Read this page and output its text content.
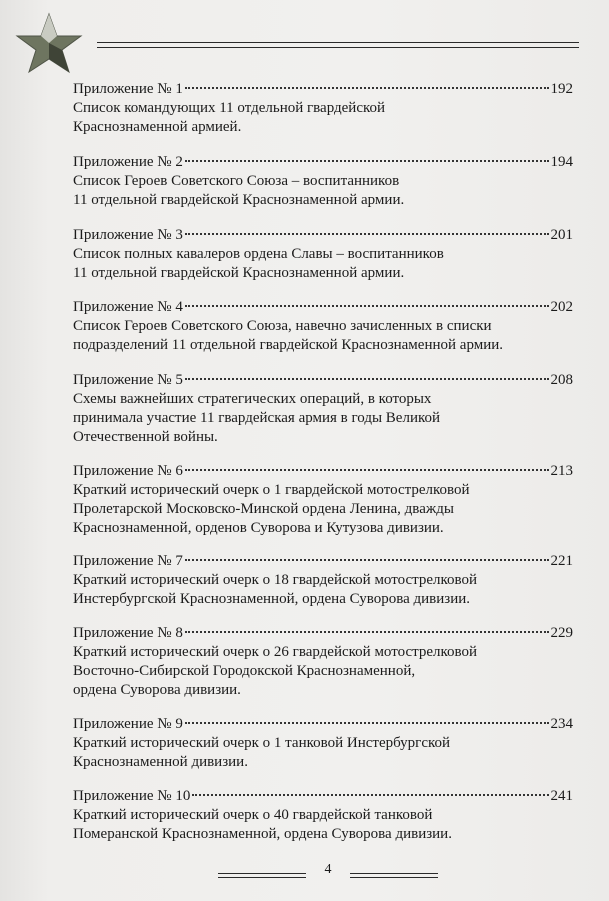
Приложение № 1	192

Список командующих 11 отдельной гвардейской
Краснознаменной армией.

Приложение № 2	194

Список Героев Советского Союза – воспитанников
11 отдельной гвардейской Краснознаменной армии.

Приложение № 3	201

Список полных кавалеров ордена Славы – воспитанников
11 отдельной гвардейской Краснознаменной армии.

Приложение № 4	202

Список Героев Советского Союза, навечно зачисленных в списки
подразделений 11 отдельной гвардейской Краснознаменной армии.

Приложение № 5	208

Схемы важнейших стратегических операций, в которых
принимала участие 11 гвардейская армия в годы Великой
Отечественной войны.

Приложение № 6	213

Краткий исторический очерк о 1 гвардейской мотострелковой
Пролетарской Московско-Минской ордена Ленина, дважды
Краснознаменной, орденов Суворова и Кутузова дивизии.

Приложение № 7	221

Краткий исторический очерк о 18 гвардейской мотострелковой
Инстербургской Краснознаменной, ордена Суворова дивизии.

Приложение № 8	229

Краткий исторический очерк о 26 гвардейской мотострелковой
Восточно-Сибирской Городокской Краснознаменной,
ордена Суворова дивизии.

Приложение № 9	234

Краткий исторический очерк о 1 танковой Инстербургской
Краснознаменной дивизии.

Приложение № 10	241

Краткий исторический очерк о 40 гвардейской танковой
Померанской Краснознаменной, ордена Суворова дивизии.

4
